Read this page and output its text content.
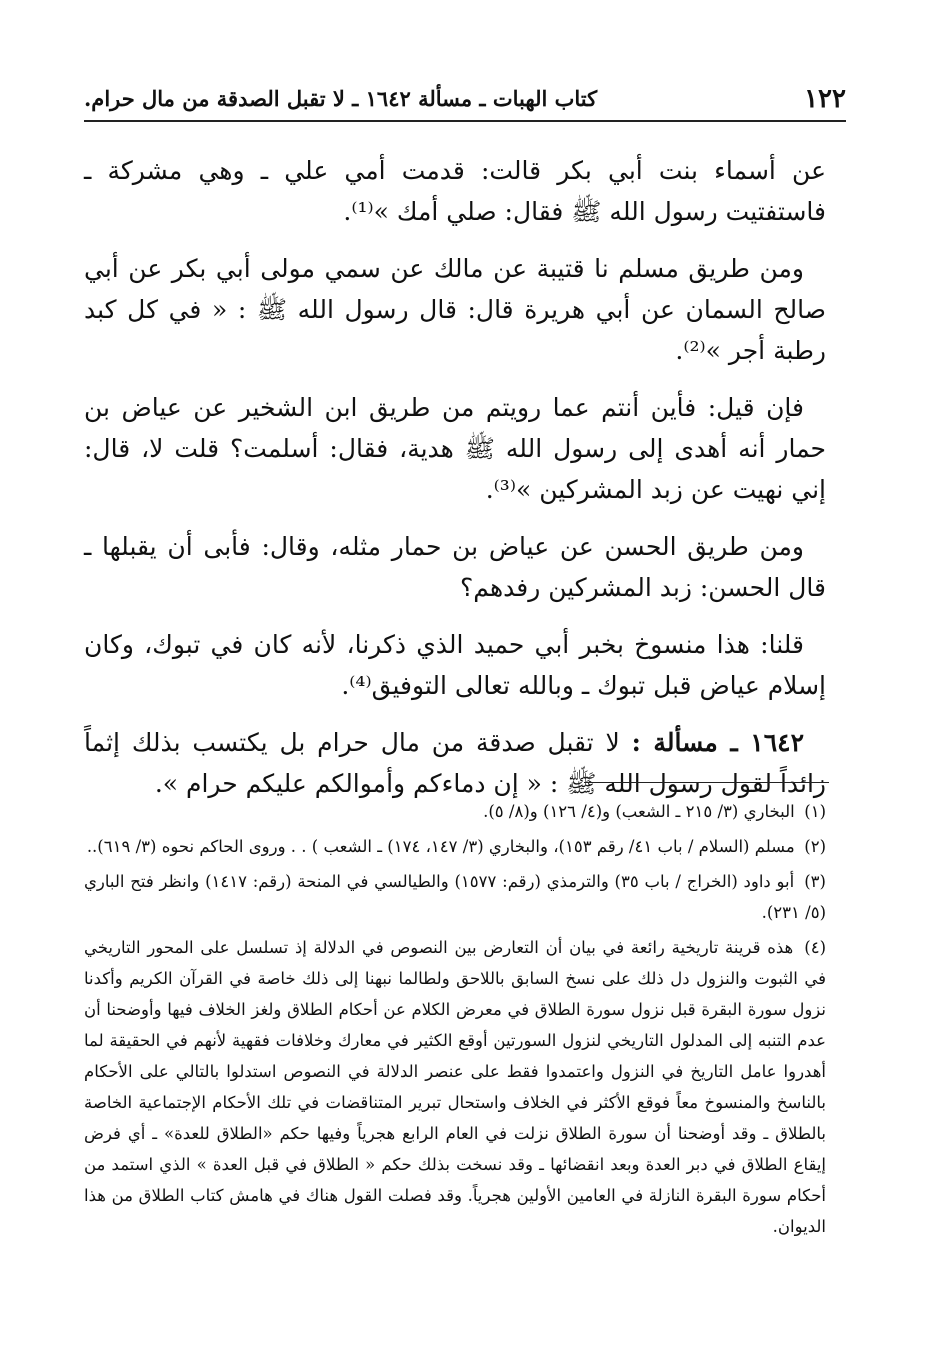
١٢٢
كتاب الهبات ـ مسألة ١٦٤٢ ـ لا تقبل الصدقة من مال حرام.

عن أسماء بنت أبي بكر قالت: قدمت أمي علي ـ وهي مشركة ـ فاستفتيت رسول الله ﷺ فقال: صلي أمك »⁽¹⁾.

ومن طريق مسلم نا قتيبة عن مالك عن سمي مولى أبي بكر عن أبي صالح السمان عن أبي هريرة قال: قال رسول الله ﷺ : « في كل كبد رطبة أجر »⁽²⁾.

فإن قيل: فأين أنتم عما رويتم من طريق ابن الشخير عن عياض بن حمار أنه أهدى إلى رسول الله ﷺ هدية، فقال: أسلمت؟ قلت لا، قال: إني نهيت عن زبد المشركين »⁽³⁾.

ومن طريق الحسن عن عياض بن حمار مثله، وقال: فأبى أن يقبلها ـ قال الحسن: زبد المشركين رفدهم؟

قلنا: هذا منسوخ بخبر أبي حميد الذي ذكرنا، لأنه كان في تبوك، وكان إسلام عياض قبل تبوك ـ وبالله تعالى التوفيق⁽⁴⁾.

١٦٤٢ ـ مسألة : لا تقبل صدقة من مال حرام بل يكتسب بذلك إثماً زائداً لقول رسول الله ﷺ : « إن دماءكم وأموالكم عليكم حرام ».

(١) البخاري (٣/ ٢١٥ ـ الشعب) و(٤/ ١٢٦) و(٨/ ٥).

(٢) مسلم (السلام / باب ٤١/ رقم ١٥٣)، والبخاري (٣/ ١٤٧، ١٧٤) ـ الشعب ) . . وروى الحاكم نحوه (٣/ ٦١٩)..

(٣) أبو داود (الخراج / باب ٣٥) والترمذي (رقم: ١٥٧٧) والطيالسي في المنحة (رقم: ١٤١٧) وانظر فتح الباري (٥/ ٢٣١).

(٤) هذه قرينة تاريخية رائعة في بيان أن التعارض بين النصوص في الدلالة إذ تسلسل على المحور التاريخي في الثبوت والنزول دل ذلك على نسخ السابق باللاحق ولطالما نبهنا إلى ذلك خاصة في القرآن الكريم وأكدنا نزول سورة البقرة قبل نزول سورة الطلاق في معرض الكلام عن أحكام الطلاق ولغز الخلاف فيها وأوضحنا أن عدم التنبه إلى المدلول التاريخي لنزول السورتين أوقع الكثير في معارك وخلافات فقهية لأنهم في الحقيقة لما أهدروا عامل التاريخ في النزول واعتمدوا فقط على عنصر الدلالة في النصوص استدلوا بالتالي على الأحكام بالناسخ والمنسوخ معاً فوقع الأكثر في الخلاف واستحال تبرير المتناقضات في تلك الأحكام الإجتماعية الخاصة بالطلاق ـ وقد أوضحنا أن سورة الطلاق نزلت في العام الرابع هجرياً وفيها حكم «الطلاق للعدة» ـ أي فرض إيقاع الطلاق في دبر العدة وبعد انقضائها ـ وقد نسخت بذلك حكم « الطلاق في قبل العدة » الذي استمد من أحكام سورة البقرة النازلة في العامين الأولين هجرياً. وقد فصلت القول هناك في هامش كتاب الطلاق من هذا الديوان.
